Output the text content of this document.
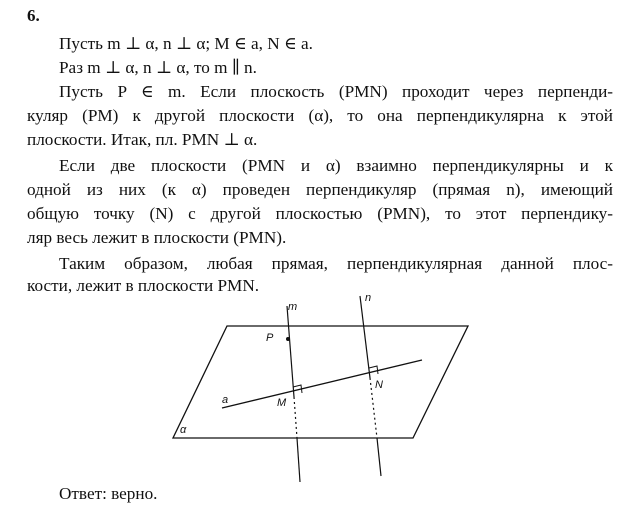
6.
Пусть m ⊥ α, n ⊥ α; M ∈ a, N ∈ a.
Раз m ⊥ α, n ⊥ α, то m ∥ n.
Пусть P ∈ m. Если плоскость (PMN) проходит через перпенди-
куляр (PM) к другой плоскости (α), то она перпендикулярна к этой
плоскости. Итак, пл. PMN ⊥ α.
Если две плоскости (PMN и α) взаимно перпендикулярны и к
одной из них (к α) проведен перпендикуляр (прямая n), имеющий
общую точку (N) с другой плоскостью (PMN), то этот перпендику-
ляр весь лежит в плоскости (PMN).
Таким образом, любая прямая, перпендикулярная данной плос-
кости, лежит в плоскости PMN.
m
n
P
M
N
a
α
Ответ: верно.
